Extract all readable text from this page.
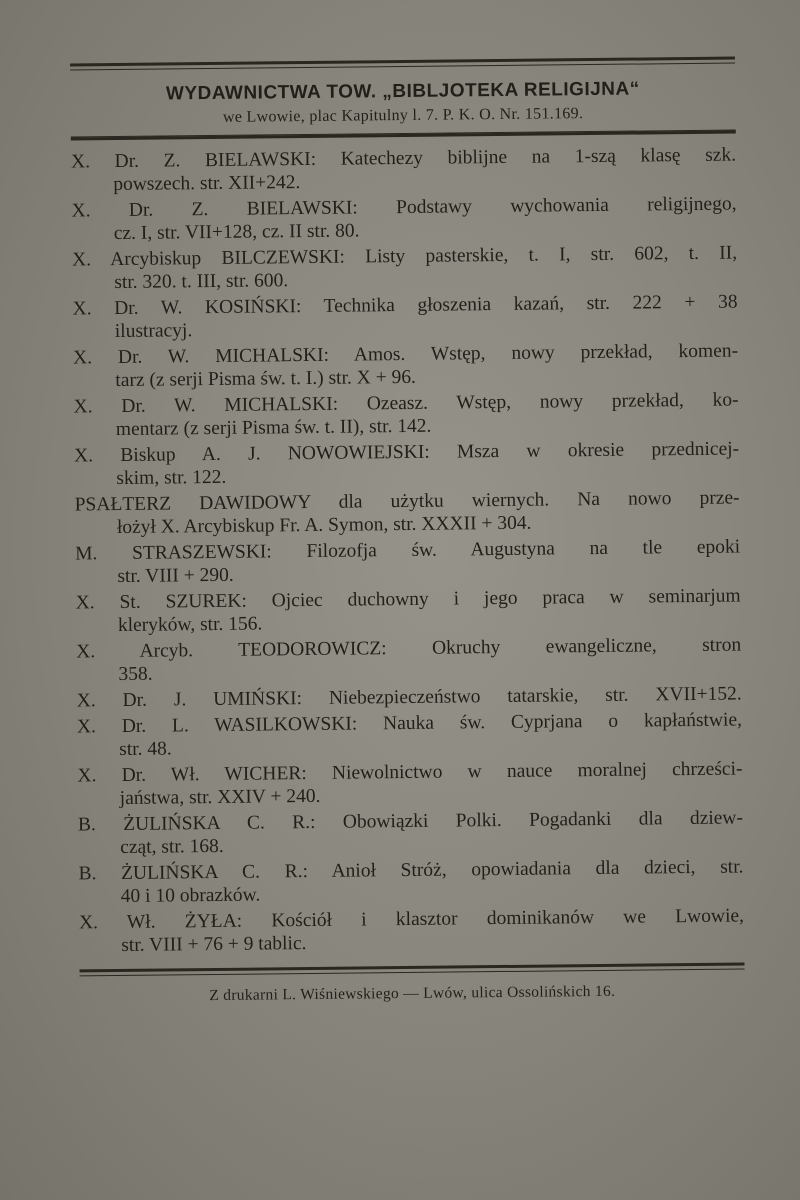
WYDAWNICTWA TOW. „BIBLJOTEKA RELIGIJNA“
we Lwowie, plac Kapitulny l. 7. P. K. O. Nr. 151.169.
X. Dr. Z. BIELAWSKI: Katechezy biblijne na 1-szą klasę szk.
powszech. str. XII+242.
X. Dr. Z. BIELAWSKI: Podstawy wychowania religijnego,
cz. I, str. VII+128, cz. II str. 80.
X. Arcybiskup BILCZEWSKI: Listy pasterskie, t. I, str. 602, t. II,
str. 320. t. III, str. 600.
X. Dr. W. KOSIŃSKI: Technika głoszenia kazań, str. 222 + 38
ilustracyj.
X. Dr. W. MICHALSKI: Amos. Wstęp, nowy przekład, komen-
tarz (z serji Pisma św. t. I.) str. X + 96.
X. Dr. W. MICHALSKI: Ozeasz. Wstęp, nowy przekład, ko-
mentarz (z serji Pisma św. t. II), str. 142.
X. Biskup A. J. NOWOWIEJSKI: Msza w okresie przednicej-
skim, str. 122.
PSAŁTERZ DAWIDOWY dla użytku wiernych. Na nowo prze-
łożył X. Arcybiskup Fr. A. Symon, str. XXXII + 304.
M. STRASZEWSKI: Filozofja św. Augustyna na tle epoki
str. VIII + 290.
X. St. SZUREK: Ojciec duchowny i jego praca w seminarjum
kleryków, str. 156.
X. Arcyb. TEODOROWICZ: Okruchy ewangeliczne, stron
358.
X. Dr. J. UMIŃSKI: Niebezpieczeństwo tatarskie, str. XVII+152.
X. Dr. L. WASILKOWSKI: Nauka św. Cyprjana o kapłaństwie,
str. 48.
X. Dr. Wł. WICHER: Niewolnictwo w nauce moralnej chrześci-
jaństwa, str. XXIV + 240.
B. ŻULIŃSKA C. R.: Obowiązki Polki. Pogadanki dla dziew-
cząt, str. 168.
B. ŻULIŃSKA C. R.: Anioł Stróż, opowiadania dla dzieci, str.
40 i 10 obrazków.
X. Wł. ŻYŁA: Kościół i klasztor dominikanów we Lwowie,
str. VIII + 76 + 9 tablic.
Z drukarni L. Wiśniewskiego — Lwów, ulica Ossolińskich 16.
